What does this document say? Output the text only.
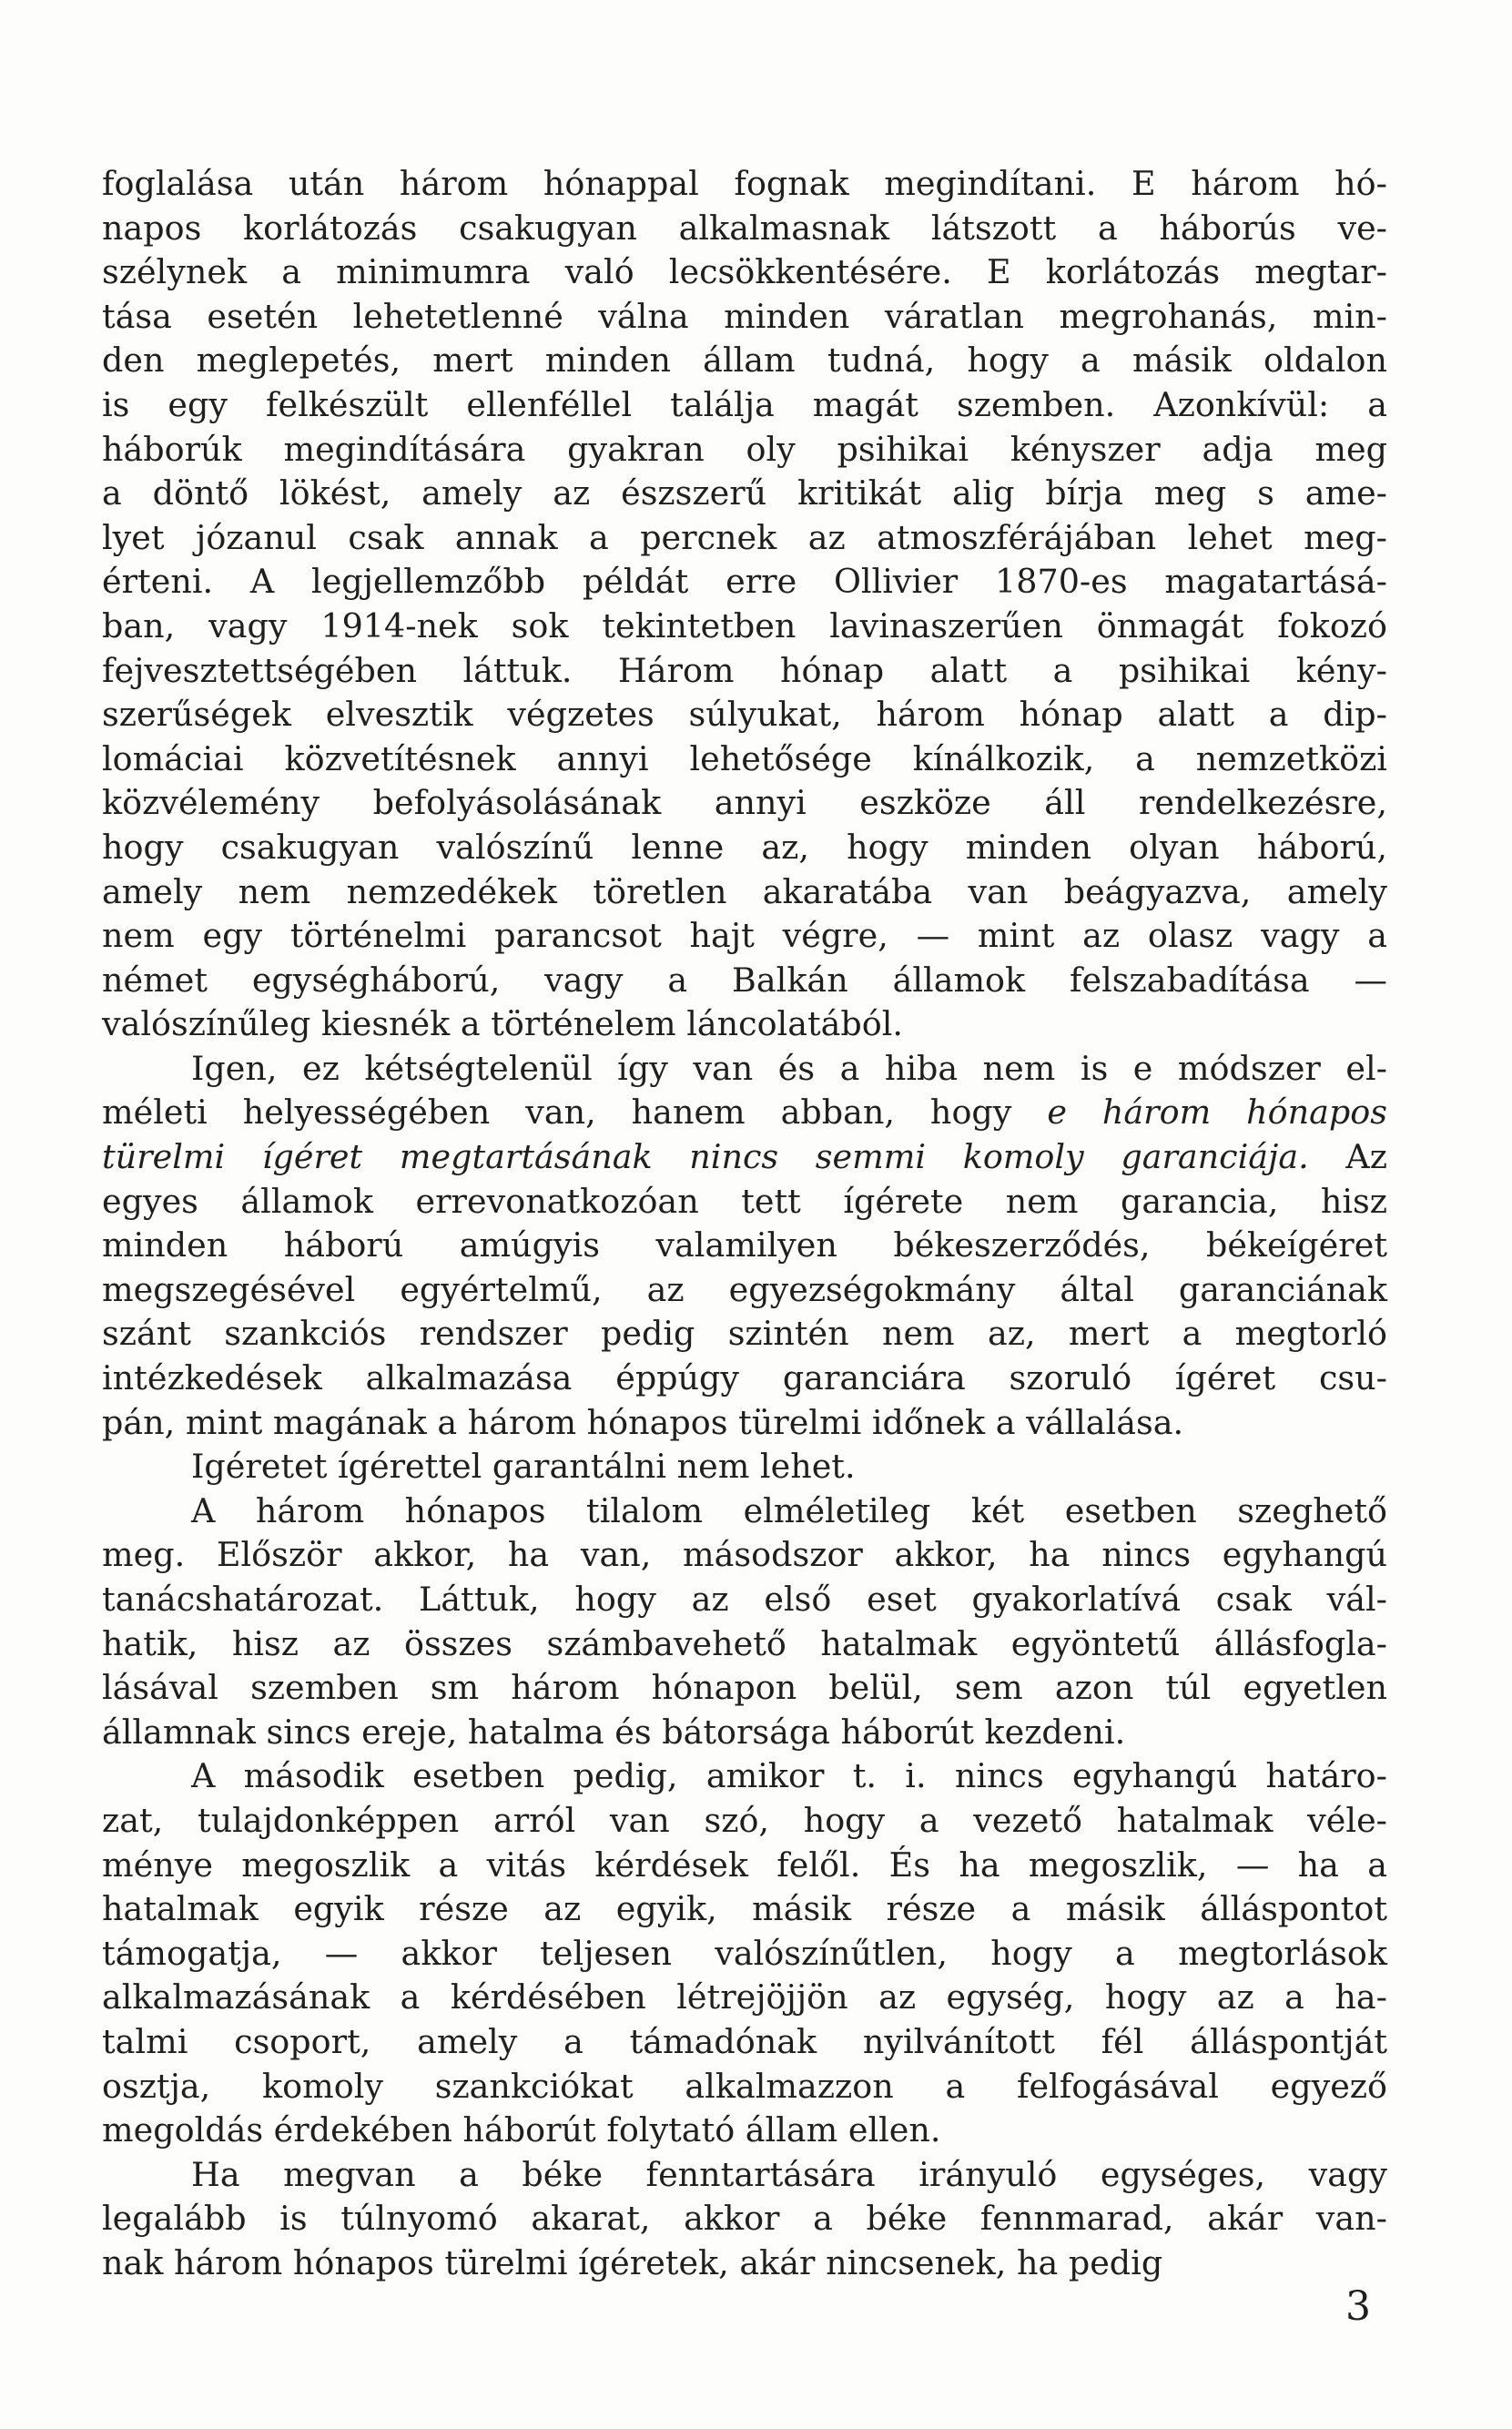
foglalása után három hónappal fognak megindítani. E három hó-
napos korlátozás csakugyan alkalmasnak látszott a háborús ve-
szélynek a minimumra való lecsökkentésére. E korlátozás megtar-
tása esetén lehetetlenné válna minden váratlan megrohanás, min-
den meglepetés, mert minden állam tudná, hogy a másik oldalon
is egy felkészült ellenféllel találja magát szemben. Azonkívül: a
háborúk megindítására gyakran oly psihikai kényszer adja meg
a döntő lökést, amely az észszerű kritikát alig bírja meg s ame-
lyet józanul csak annak a percnek az atmoszférájában lehet meg-
érteni. A legjellemzőbb példát erre Ollivier 1870-es magatartásá-
ban, vagy 1914-nek sok tekintetben lavinaszerűen önmagát fokozó
fejvesztettségében láttuk. Három hónap alatt a psihikai kény-
szerűségek elvesztik végzetes súlyukat, három hónap alatt a dip-
lomáciai közvetítésnek annyi lehetősége kínálkozik, a nemzetközi
közvélemény befolyásolásának annyi eszköze áll rendelkezésre,
hogy csakugyan valószínű lenne az, hogy minden olyan háború,
amely nem nemzedékek töretlen akaratába van beágyazva, amely
nem egy történelmi parancsot hajt végre, — mint az olasz vagy a
német egységháború, vagy a Balkán államok felszabadítása —
valószínűleg kiesnék a történelem láncolatából.
Igen, ez kétségtelenül így van és a hiba nem is e módszer el-
méleti helyességében van, hanem abban, hogy e három hónapos
türelmi ígéret megtartásának nincs semmi komoly garanciája. Az
egyes államok errevonatkozóan tett ígérete nem garancia, hisz
minden háború amúgyis valamilyen békeszerződés, békeígéret
megszegésével egyértelmű, az egyezségokmány által garanciának
szánt szankciós rendszer pedig szintén nem az, mert a megtorló
intézkedések alkalmazása éppúgy garanciára szoruló ígéret csu-
pán, mint magának a három hónapos türelmi időnek a vállalása.
Igéretet ígérettel garantálni nem lehet.
A három hónapos tilalom elméletileg két esetben szeghető
meg. Először akkor, ha van, másodszor akkor, ha nincs egyhangú
tanácshatározat. Láttuk, hogy az első eset gyakorlatívá csak vál-
hatik, hisz az összes számbavehető hatalmak egyöntetű állásfogla-
lásával szemben sm három hónapon belül, sem azon túl egyetlen
államnak sincs ereje, hatalma és bátorsága háborút kezdeni.
A második esetben pedig, amikor t. i. nincs egyhangú határo-
zat, tulajdonképpen arról van szó, hogy a vezető hatalmak véle-
ménye megoszlik a vitás kérdések felől. És ha megoszlik, — ha a
hatalmak egyik része az egyik, másik része a másik álláspontot
támogatja, — akkor teljesen valószínűtlen, hogy a megtorlások
alkalmazásának a kérdésében létrejöjjön az egység, hogy az a ha-
talmi csoport, amely a támadónak nyilvánított fél álláspontját
osztja, komoly szankciókat alkalmazzon a felfogásával egyező
megoldás érdekében háborút folytató állam ellen.
Ha megvan a béke fenntartására irányuló egységes, vagy
legalább is túlnyomó akarat, akkor a béke fennmarad, akár van-
nak három hónapos türelmi ígéretek, akár nincsenek, ha pedig
3
